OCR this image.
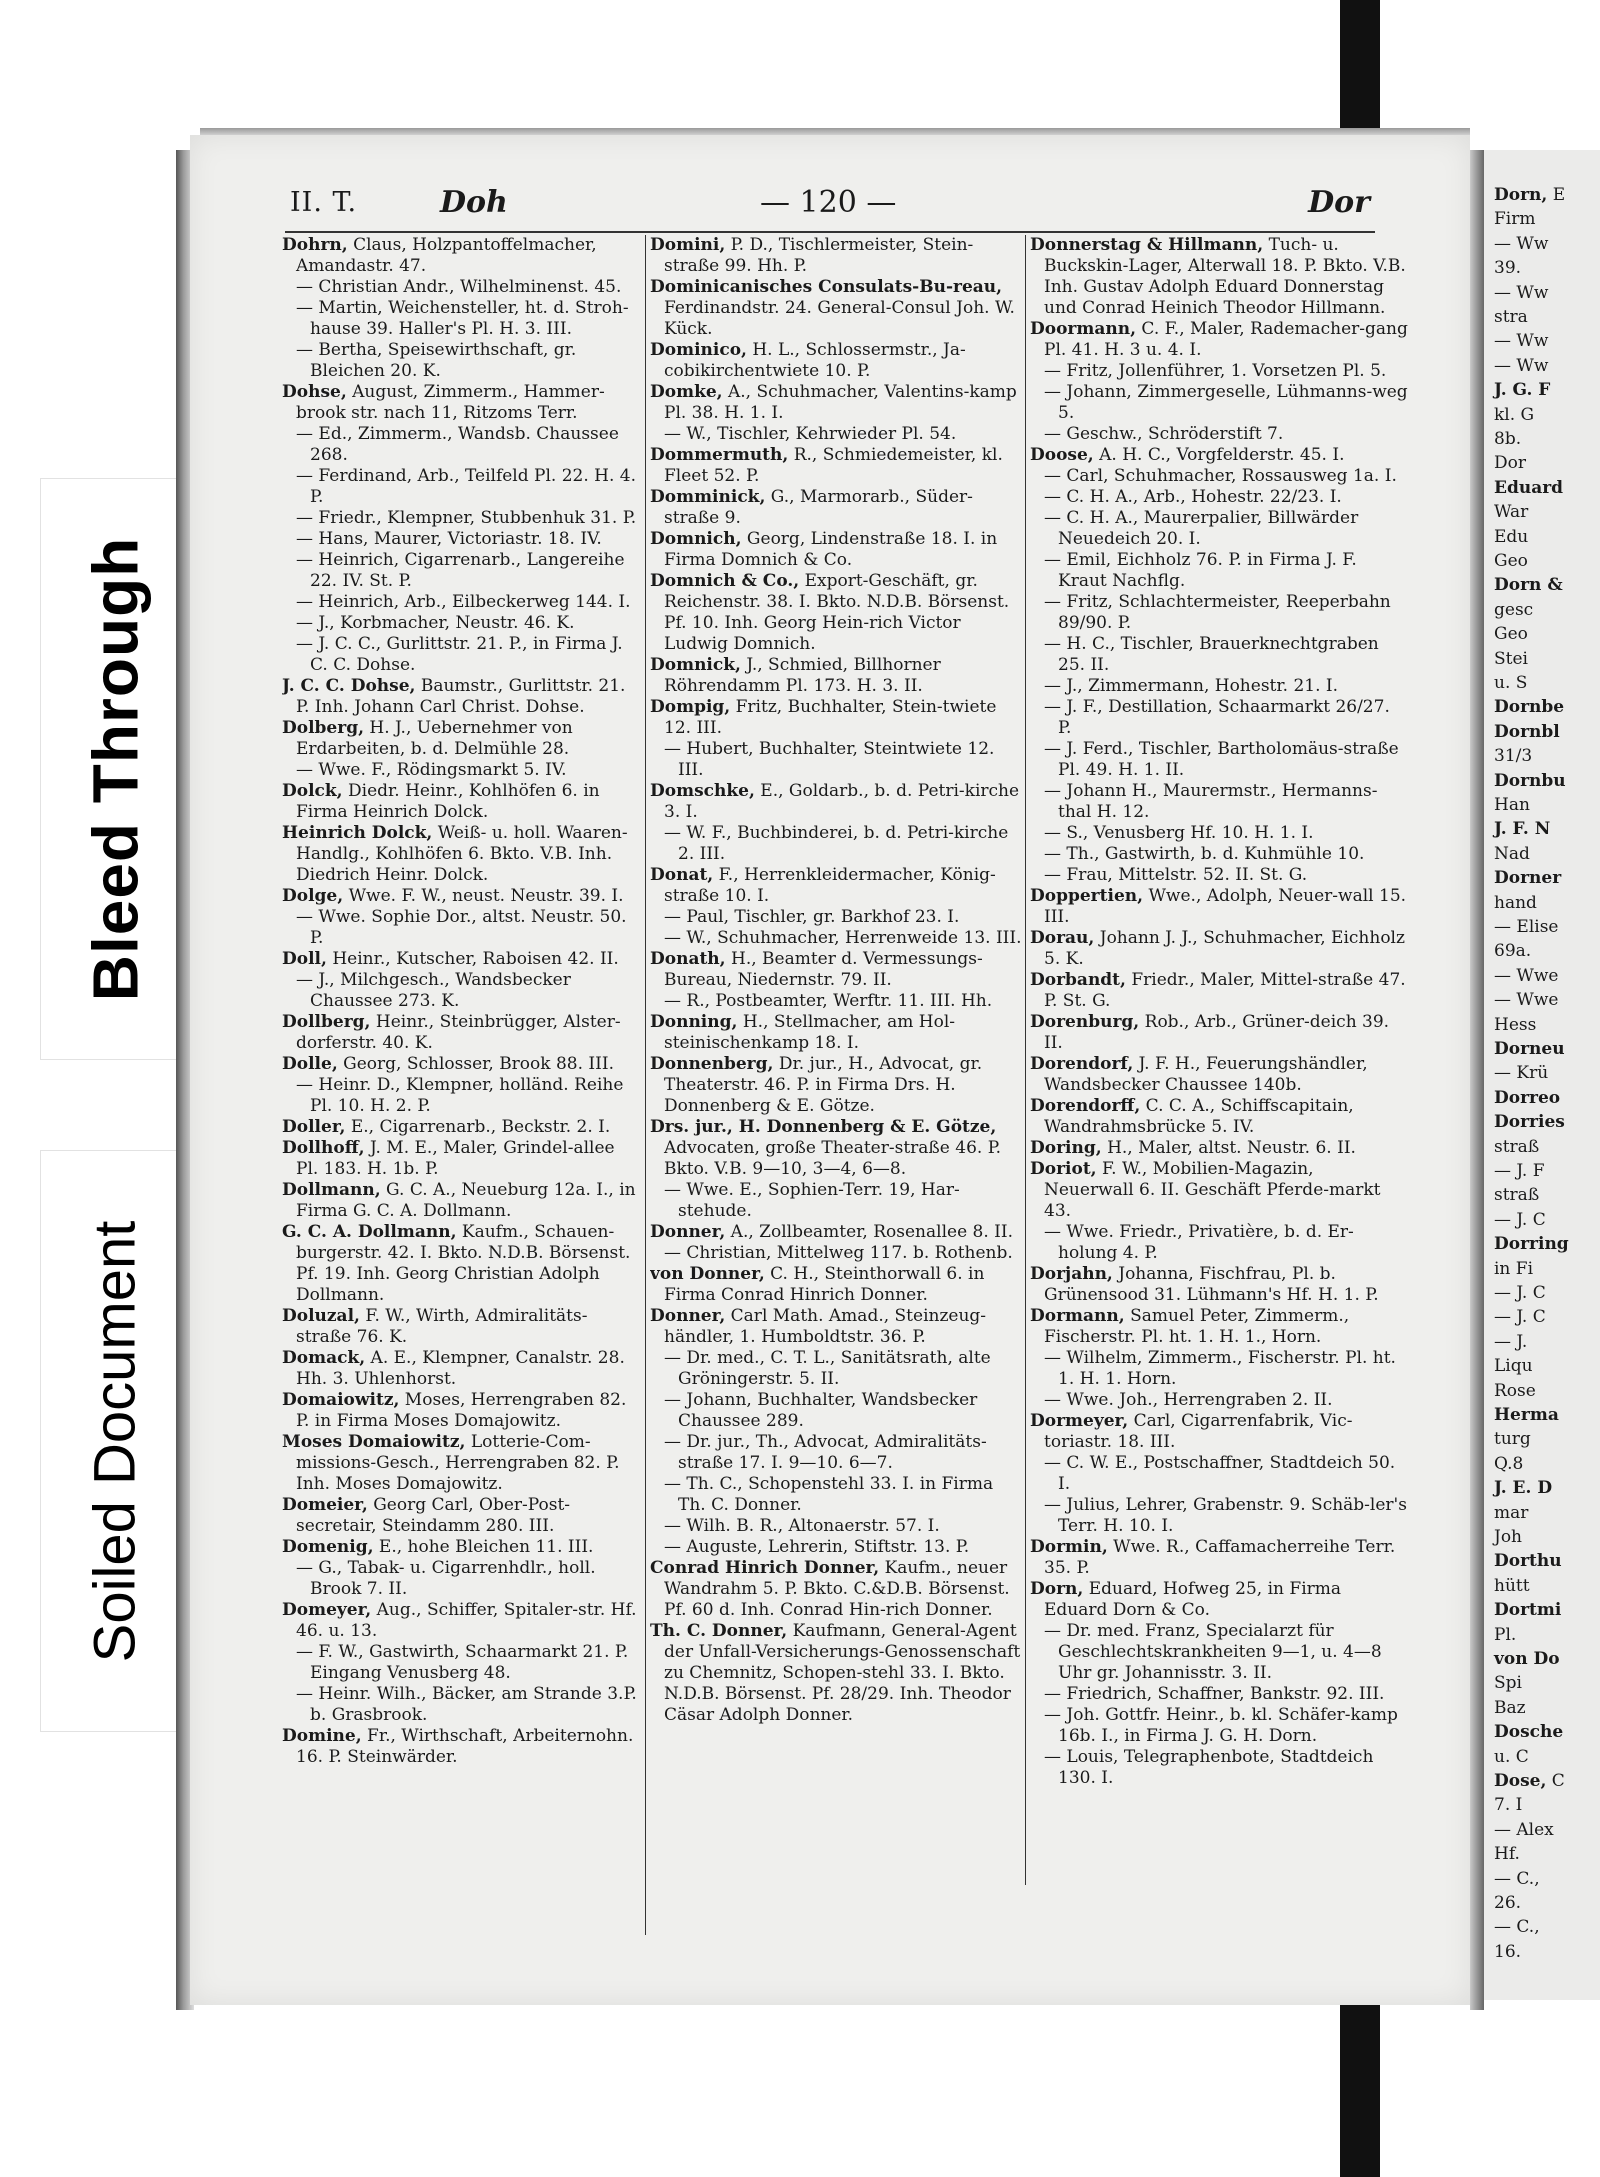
Bleed Through
Soiled Document
II. T.	Doh	— 120 —	Dor

Dohrn, Claus, Holzpantoffelmacher, Amandastr. 47.

— Christian Andr., Wilhelminenst. 45.

— Martin, Weichensteller, ht. d. Stroh-hause 39. Haller's Pl. H. 3. III.

— Bertha, Speisewirthschaft, gr. Bleichen 20. K.

Dohse, August, Zimmerm., Hammer-brook str. nach 11, Ritzoms Terr.

— Ed., Zimmerm., Wandsb. Chaussee 268.

— Ferdinand, Arb., Teilfeld Pl. 22. H. 4. P.

— Friedr., Klempner, Stubbenhuk 31. P.

— Hans, Maurer, Victoriastr. 18. IV.

— Heinrich, Cigarrenarb., Langereihe 22. IV. St. P.

— Heinrich, Arb., Eilbeckerweg 144. I.

— J., Korbmacher, Neustr. 46. K.

— J. C. C., Gurlittstr. 21. P., in Firma J. C. C. Dohse.

J. C. C. Dohse, Baumstr., Gurlittstr. 21. P. Inh. Johann Carl Christ. Dohse.

Dolberg, H. J., Uebernehmer von Erdarbeiten, b. d. Delmühle 28.

— Wwe. F., Rödingsmarkt 5. IV.

Dolck, Diedr. Heinr., Kohlhöfen 6. in Firma Heinrich Dolck.

Heinrich Dolck, Weiß- u. holl. Waaren-Handlg., Kohlhöfen 6. Bkto. V.B. Inh. Diedrich Heinr. Dolck.

Dolge, Wwe. F. W., neust. Neustr. 39. I.

— Wwe. Sophie Dor., altst. Neustr. 50. P.

Doll, Heinr., Kutscher, Raboisen 42. II.

— J., Milchgesch., Wandsbecker Chaussee 273. K.

Dollberg, Heinr., Steinbrügger, Alster-dorferstr. 40. K.

Dolle, Georg, Schlosser, Brook 88. III.

— Heinr. D., Klempner, holländ. Reihe Pl. 10. H. 2. P.

Doller, E., Cigarrenarb., Beckstr. 2. I.

Dollhoff, J. M. E., Maler, Grindel-allee Pl. 183. H. 1b. P.

Dollmann, G. C. A., Neueburg 12a. I., in Firma G. C. A. Dollmann.

G. C. A. Dollmann, Kaufm., Schauen-burgerstr. 42. I. Bkto. N.D.B. Börsenst. Pf. 19. Inh. Georg Christian Adolph Dollmann.

Doluzal, F. W., Wirth, Admiralitäts-straße 76. K.

Domack, A. E., Klempner, Canalstr. 28. Hh. 3. Uhlenhorst.

Domaiowitz, Moses, Herrengraben 82. P. in Firma Moses Domajowitz.

Moses Domaiowitz, Lotterie-Com-missions-Gesch., Herrengraben 82. P. Inh. Moses Domajowitz.

Domeier, Georg Carl, Ober-Post-secretair, Steindamm 280. III.

Domenig, E., hohe Bleichen 11. III.

— G., Tabak- u. Cigarrenhdlr., holl. Brook 7. II.

Domeyer, Aug., Schiffer, Spitaler-str. Hf. 46. u. 13.

— F. W., Gastwirth, Schaarmarkt 21. P. Eingang Venusberg 48.

— Heinr. Wilh., Bäcker, am Strande 3.P. b. Grasbrook.

Domine, Fr., Wirthschaft, Arbeiternohn. 16. P. Steinwärder.

Domini, P. D., Tischlermeister, Stein-straße 99. Hh. P.

Dominicanisches Consulats-Bu-reau, Ferdinandstr. 24. General-Consul Joh. W. Kück.

Dominico, H. L., Schlossermstr., Ja-cobikirchentwiete 10. P.

Domke, A., Schuhmacher, Valentins-kamp Pl. 38. H. 1. I.

— W., Tischler, Kehrwieder Pl. 54.

Dommermuth, R., Schmiedemeister, kl. Fleet 52. P.

Domminick, G., Marmorarb., Süder-straße 9.

Domnich, Georg, Lindenstraße 18. I. in Firma Domnich & Co.

Domnich & Co., Export-Geschäft, gr. Reichenstr. 38. I. Bkto. N.D.B. Börsenst. Pf. 10. Inh. Georg Hein-rich Victor Ludwig Domnich.

Domnick, J., Schmied, Billhorner Röhrendamm Pl. 173. H. 3. II.

Dompig, Fritz, Buchhalter, Stein-twiete 12. III.

— Hubert, Buchhalter, Steintwiete 12. III.

Domschke, E., Goldarb., b. d. Petri-kirche 3. I.

— W. F., Buchbinderei, b. d. Petri-kirche 2. III.

Donat, F., Herrenkleidermacher, König-straße 10. I.

— Paul, Tischler, gr. Barkhof 23. I.

— W., Schuhmacher, Herrenweide 13. III.

Donath, H., Beamter d. Vermessungs-Bureau, Niedernstr. 79. II.

— R., Postbeamter, Werftr. 11. III. Hh.

Donning, H., Stellmacher, am Hol-steinischenkamp 18. I.

Donnenberg, Dr. jur., H., Advocat, gr. Theaterstr. 46. P. in Firma Drs. H. Donnenberg & E. Götze.

Drs. jur., H. Donnenberg & E. Götze, Advocaten, große Theater-straße 46. P. Bkto. V.B. 9—10, 3—4, 6—8.

— Wwe. E., Sophien-Terr. 19, Har-stehude.

Donner, A., Zollbeamter, Rosenallee 8. II.

— Christian, Mittelweg 117. b. Rothenb.

von Donner, C. H., Steinthorwall 6. in Firma Conrad Hinrich Donner.

Donner, Carl Math. Amad., Steinzeug-händler, 1. Humboldtstr. 36. P.

— Dr. med., C. T. L., Sanitätsrath, alte Gröningerstr. 5. II.

— Johann, Buchhalter, Wandsbecker Chaussee 289.

— Dr. jur., Th., Advocat, Admiralitäts-straße 17. I. 9—10. 6—7.

— Th. C., Schopenstehl 33. I. in Firma Th. C. Donner.

— Wilh. B. R., Altonaerstr. 57. I.

— Auguste, Lehrerin, Stiftstr. 13. P.

Conrad Hinrich Donner, Kaufm., neuer Wandrahm 5. P. Bkto. C.&D.B. Börsenst. Pf. 60 d. Inh. Conrad Hin-rich Donner.

Th. C. Donner, Kaufmann, General-Agent der Unfall-Versicherungs-Genossenschaft zu Chemnitz, Schopen-stehl 33. I. Bkto. N.D.B. Börsenst. Pf. 28/29. Inh. Theodor Cäsar Adolph Donner.

Donnerstag & Hillmann, Tuch- u. Buckskin-Lager, Alterwall 18. P. Bkto. V.B. Inh. Gustav Adolph Eduard Donnerstag und Conrad Heinich Theodor Hillmann.

Doormann, C. F., Maler, Rademacher-gang Pl. 41. H. 3 u. 4. I.

— Fritz, Jollenführer, 1. Vorsetzen Pl. 5.

— Johann, Zimmergeselle, Lühmanns-weg 5.

— Geschw., Schröderstift 7.

Doose, A. H. C., Vorgfelderstr. 45. I.

— Carl, Schuhmacher, Rossausweg 1a. I.

— C. H. A., Arb., Hohestr. 22/23. I.

— C. H. A., Maurerpalier, Billwärder Neuedeich 20. I.

— Emil, Eichholz 76. P. in Firma J. F. Kraut Nachflg.

— Fritz, Schlachtermeister, Reeperbahn 89/90. P.

— H. C., Tischler, Brauerknechtgraben 25. II.

— J., Zimmermann, Hohestr. 21. I.

— J. F., Destillation, Schaarmarkt 26/27. P.

— J. Ferd., Tischler, Bartholomäus-straße Pl. 49. H. 1. II.

— Johann H., Maurermstr., Hermanns-thal H. 12.

— S., Venusberg Hf. 10. H. 1. I.

— Th., Gastwirth, b. d. Kuhmühle 10.

— Frau, Mittelstr. 52. II. St. G.

Doppertien, Wwe., Adolph, Neuer-wall 15. III.

Dorau, Johann J. J., Schuhmacher, Eichholz 5. K.

Dorbandt, Friedr., Maler, Mittel-straße 47. P. St. G.

Dorenburg, Rob., Arb., Grüner-deich 39. II.

Dorendorf, J. F. H., Feuerungshändler, Wandsbecker Chaussee 140b.

Dorendorff, C. C. A., Schiffscapitain, Wandrahmsbrücke 5. IV.

Doring, H., Maler, altst. Neustr. 6. II.

Doriot, F. W., Mobilien-Magazin, Neuerwall 6. II. Geschäft Pferde-markt 43.

— Wwe. Friedr., Privatière, b. d. Er-holung 4. P.

Dorjahn, Johanna, Fischfrau, Pl. b. Grünensood 31. Lühmann's Hf. H. 1. P.

Dormann, Samuel Peter, Zimmerm., Fischerstr. Pl. ht. 1. H. 1., Horn.

— Wilhelm, Zimmerm., Fischerstr. Pl. ht. 1. H. 1. Horn.

— Wwe. Joh., Herrengraben 2. II.

Dormeyer, Carl, Cigarrenfabrik, Vic-toriastr. 18. III.

— C. W. E., Postschaffner, Stadtdeich 50. I.

— Julius, Lehrer, Grabenstr. 9. Schäb-ler's Terr. H. 10. I.

Dormin, Wwe. R., Caffamacherreihe Terr. 35. P.

Dorn, Eduard, Hofweg 25, in Firma Eduard Dorn & Co.

— Dr. med. Franz, Specialarzt für Geschlechtskrankheiten 9—1, u. 4—8 Uhr gr. Johannisstr. 3. II.

— Friedrich, Schaffner, Bankstr. 92. III.

— Joh. Gottfr. Heinr., b. kl. Schäfer-kamp 16b. I., in Firma J. G. H. Dorn.

— Louis, Telegraphenbote, Stadtdeich 130. I.

Dorn, E
Firm
— Ww
39.
— Ww
stra
— Ww
— Ww
J. G. F
kl. G
8b.
Dor
Eduard
War
Edu
Geo
Dorn &
gesc
Geo
Stei
u. S
Dornbe
Dornbl
31/3
Dornbu
Han
J. F. N
Nad
Dorner
hand
— Elise
69a.
— Wwe
— Wwe
Hess
Dorneu
— Krü
Dorreo
Dorries
straß
— J. F
straß
— J. C
Dorring
in Fi
— J. C
— J. C
— J.
Liqu
Rose
Herma
turg
Q.8
J. E. D
mar
Joh
Dorthu
hütt
Dortmi
Pl.
von Do
Spi
Baz
Dosche
u. C
Dose, C
7. I
— Alex
Hf.
— C.,
26.
— C.,
16.
